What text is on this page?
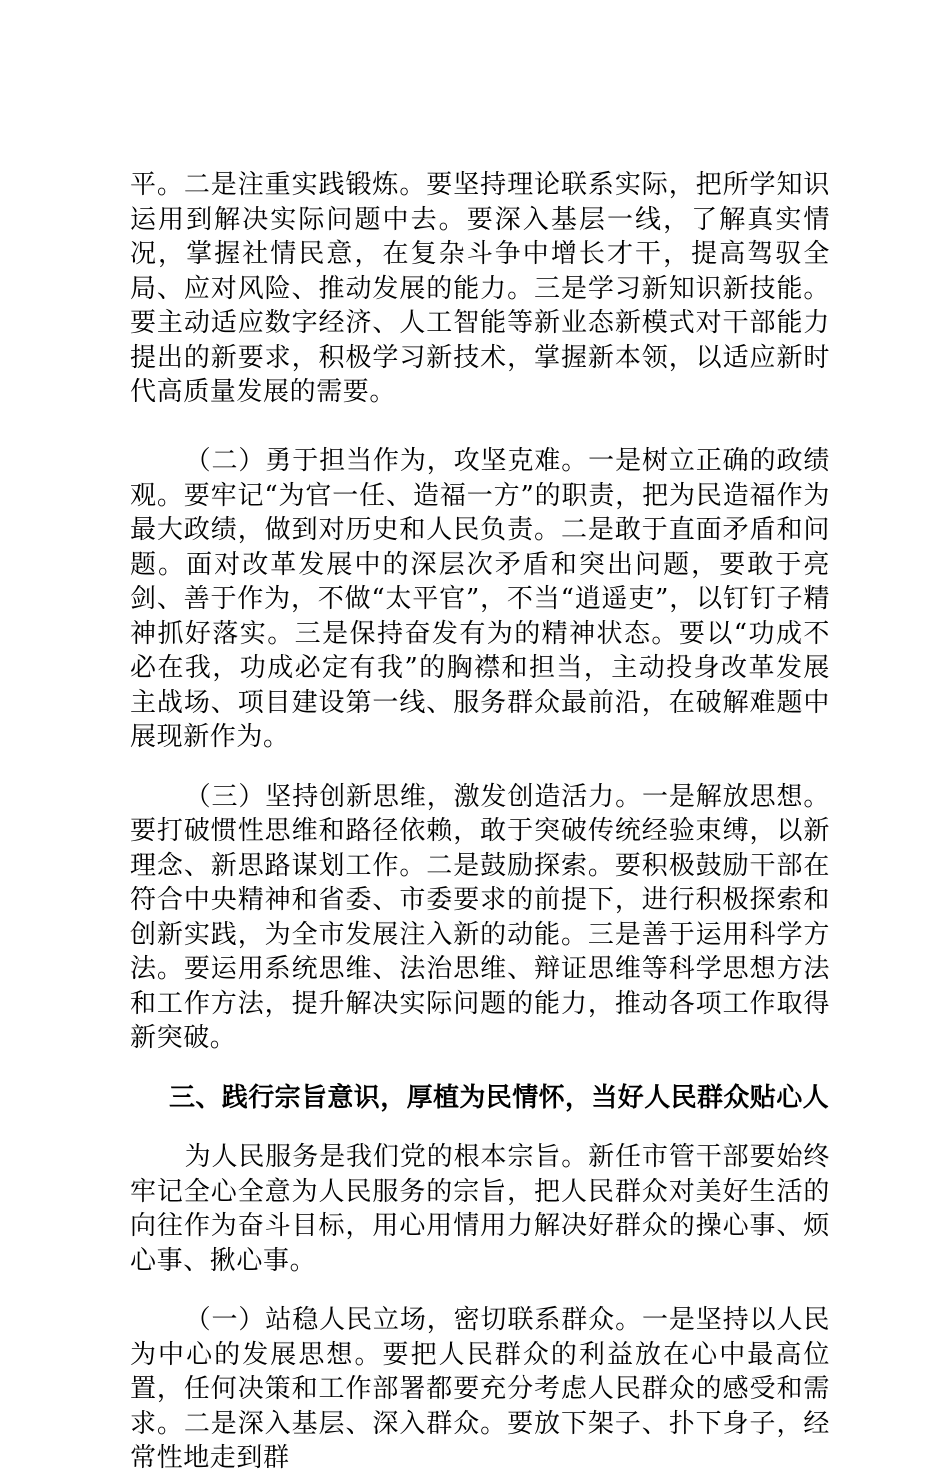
平。二是注重实践锻炼。要坚持理论联系实际，把所学知识运用到解决实际问题中去。要深入基层一线，了解真实情况，掌握社情民意，在复杂斗争中增长才干，提高驾驭全局、应对风险、推动发展的能力。三是学习新知识新技能。要主动适应数字经济、人工智能等新业态新模式对干部能力提出的新要求，积极学习新技术，掌握新本领，以适应新时代高质量发展的需要。

（二）勇于担当作为，攻坚克难。一是树立正确的政绩观。要牢记“为官一任、造福一方”的职责，把为民造福作为最大政绩，做到对历史和人民负责。二是敢于直面矛盾和问题。面对改革发展中的深层次矛盾和突出问题，要敢于亮剑、善于作为，不做“太平官”，不当“逍遥吏”，以钉钉子精神抓好落实。三是保持奋发有为的精神状态。要以“功成不必在我，功成必定有我”的胸襟和担当，主动投身改革发展主战场、项目建设第一线、服务群众最前沿，在破解难题中展现新作为。

（三）坚持创新思维，激发创造活力。一是解放思想。要打破惯性思维和路径依赖，敢于突破传统经验束缚，以新理念、新思路谋划工作。二是鼓励探索。要积极鼓励干部在符合中央精神和省委、市委要求的前提下，进行积极探索和创新实践，为全市发展注入新的动能。三是善于运用科学方法。要运用系统思维、法治思维、辩证思维等科学思想方法和工作方法，提升解决实际问题的能力，推动各项工作取得新突破。

三、践行宗旨意识，厚植为民情怀，当好人民群众贴心人

为人民服务是我们党的根本宗旨。新任市管干部要始终牢记全心全意为人民服务的宗旨，把人民群众对美好生活的向往作为奋斗目标，用心用情用力解决好群众的操心事、烦心事、揪心事。

（一）站稳人民立场，密切联系群众。一是坚持以人民为中心的发展思想。要把人民群众的利益放在心中最高位置，任何决策和工作部署都要充分考虑人民群众的感受和需求。二是深入基层、深入群众。要放下架子、扑下身子，经常性地走到群
